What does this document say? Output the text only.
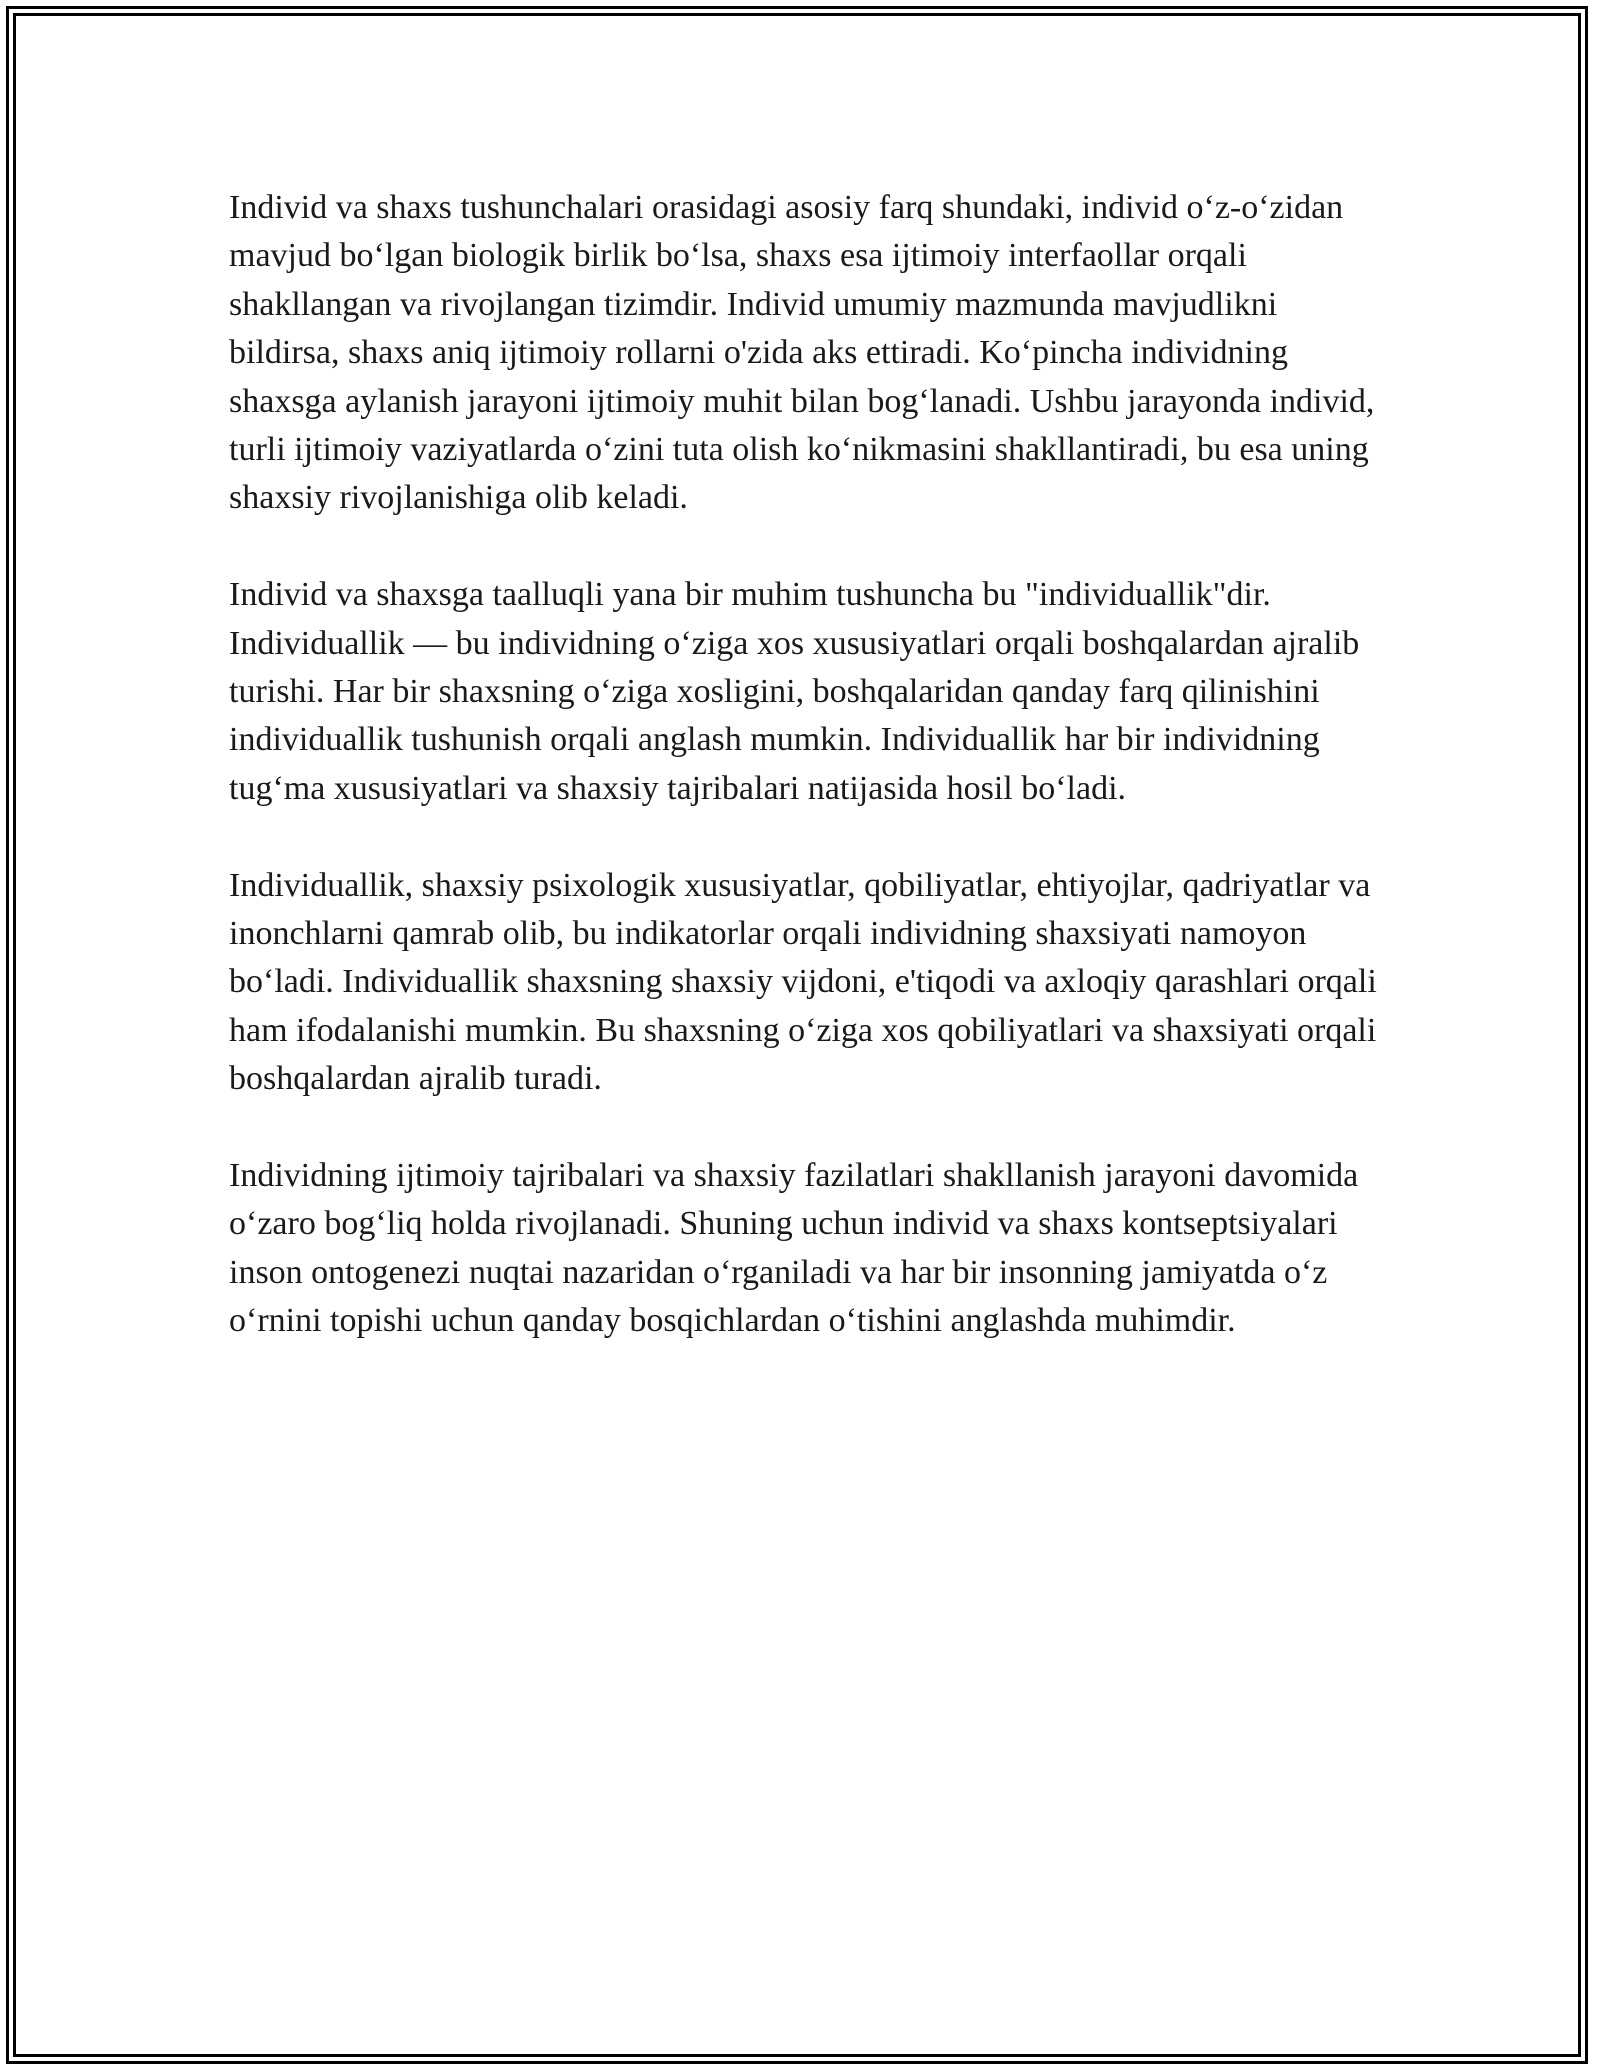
Individ va shaxs tushunchalari orasidagi asosiy farq shundaki, individ o‘z-o‘zidan mavjud bo‘lgan biologik birlik bo‘lsa, shaxs esa ijtimoiy interfaollar orqali shakllangan va rivojlangan tizimdir. Individ umumiy mazmunda mavjudlikni bildirsa, shaxs aniq ijtimoiy rollarni o'zida aks ettiradi. Ko‘pincha individning shaxsga aylanish jarayoni ijtimoiy muhit bilan bog‘lanadi. Ushbu jarayonda individ, turli ijtimoiy vaziyatlarda o‘zini tuta olish ko‘nikmasini shakllantiradi, bu esa uning shaxsiy rivojlanishiga olib keladi.

Individ va shaxsga taalluqli yana bir muhim tushuncha bu "individuallik"dir. Individuallik — bu individning o‘ziga xos xususiyatlari orqali boshqalardan ajralib turishi. Har bir shaxsning o‘ziga xosligini, boshqalaridan qanday farq qilinishini individuallik tushunish orqali anglash mumkin. Individuallik har bir individning tug‘ma xususiyatlari va shaxsiy tajribalari natijasida hosil bo‘ladi.

Individuallik, shaxsiy psixologik xususiyatlar, qobiliyatlar, ehtiyojlar, qadriyatlar va inonchlarni qamrab olib, bu indikatorlar orqali individning shaxsiyati namoyon bo‘ladi. Individuallik shaxsning shaxsiy vijdoni, e'tiqodi va axloqiy qarashlari orqali ham ifodalanishi mumkin. Bu shaxsning o‘ziga xos qobiliyatlari va shaxsiyati orqali boshqalardan ajralib turadi.

Individning ijtimoiy tajribalari va shaxsiy fazilatlari shakllanish jarayoni davomida o‘zaro bog‘liq holda rivojlanadi. Shuning uchun individ va shaxs kontseptsiyalari inson ontogenezi nuqtai nazaridan o‘rganiladi va har bir insonning jamiyatda o‘z o‘rnini topishi uchun qanday bosqichlardan o‘tishini anglashda muhimdir.
